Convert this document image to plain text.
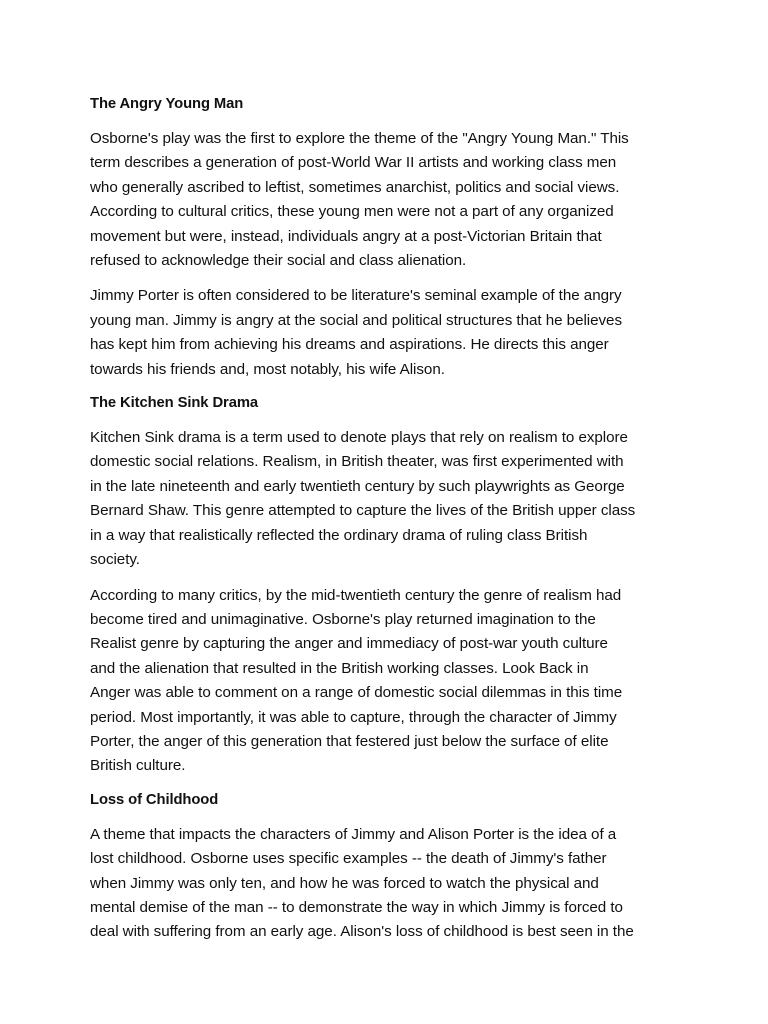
The Angry Young Man

Osborne's play was the first to explore the theme of the "Angry Young Man." This
term describes a generation of post-World War II artists and working class men
who generally ascribed to leftist, sometimes anarchist, politics and social views.
According to cultural critics, these young men were not a part of any organized
movement but were, instead, individuals angry at a post-Victorian Britain that
refused to acknowledge their social and class alienation.

Jimmy Porter is often considered to be literature's seminal example of the angry
young man. Jimmy is angry at the social and political structures that he believes
has kept him from achieving his dreams and aspirations. He directs this anger
towards his friends and, most notably, his wife Alison.

The Kitchen Sink Drama

Kitchen Sink drama is a term used to denote plays that rely on realism to explore
domestic social relations. Realism, in British theater, was first experimented with
in the late nineteenth and early twentieth century by such playwrights as George
Bernard Shaw. This genre attempted to capture the lives of the British upper class
in a way that realistically reflected the ordinary drama of ruling class British
society.

According to many critics, by the mid-twentieth century the genre of realism had
become tired and unimaginative. Osborne's play returned imagination to the
Realist genre by capturing the anger and immediacy of post-war youth culture
and the alienation that resulted in the British working classes. Look Back in
Anger was able to comment on a range of domestic social dilemmas in this time
period. Most importantly, it was able to capture, through the character of Jimmy
Porter, the anger of this generation that festered just below the surface of elite
British culture.

Loss of Childhood

A theme that impacts the characters of Jimmy and Alison Porter is the idea of a
lost childhood. Osborne uses specific examples -- the death of Jimmy's father
when Jimmy was only ten, and how he was forced to watch the physical and
mental demise of the man -- to demonstrate the way in which Jimmy is forced to
deal with suffering from an early age. Alison's loss of childhood is best seen in the
